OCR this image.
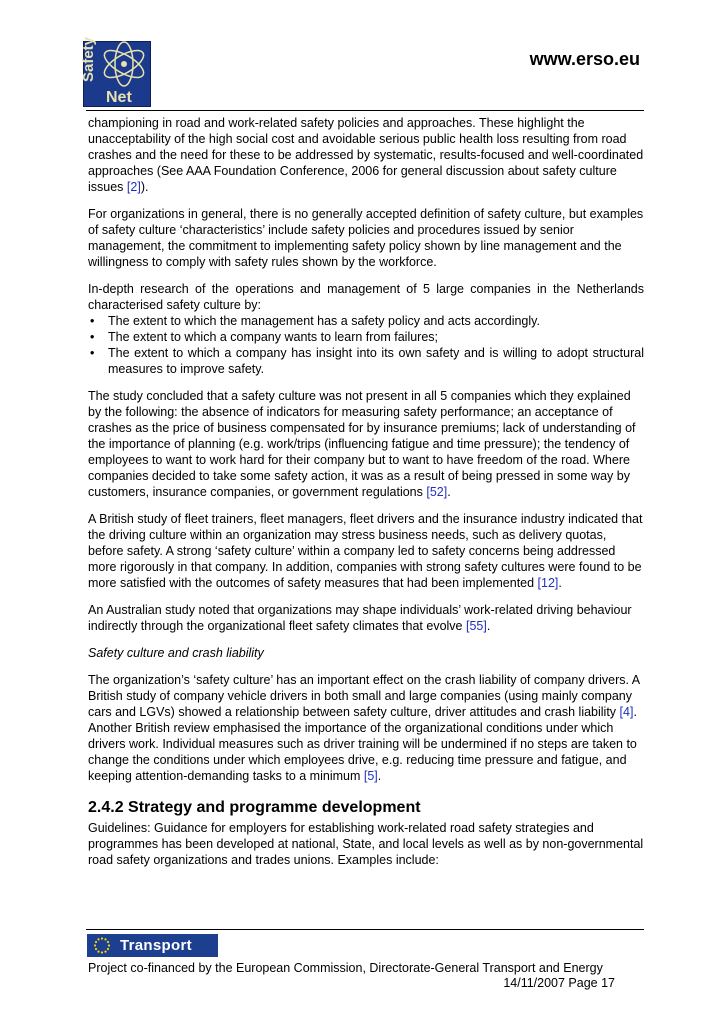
Safety
Net
www.erso.eu

championing in road and work-related safety policies and approaches. These highlight the unacceptability of the high social cost and avoidable serious public health loss resulting from road crashes and the need for these to be addressed by systematic, results-focused and well-coordinated approaches (See AAA Foundation Conference, 2006 for general discussion about safety culture issues [2]).

For organizations in general, there is no generally accepted definition of safety culture, but examples of safety culture ‘characteristics’ include safety policies and procedures issued by senior management, the commitment to implementing safety policy shown by line management and the willingness to comply with safety rules shown by the workforce.

In-depth research of the operations and management of 5 large companies in the Netherlands characterised safety culture by:

• The extent to which the management has a safety policy and acts accordingly.
• The extent to which a company wants to learn from failures;
• The extent to which a company has insight into its own safety and is willing to adopt structural measures to improve safety.

The study concluded that a safety culture was not present in all 5 companies which they explained by the following: the absence of indicators for measuring safety performance; an acceptance of crashes as the price of business compensated for by insurance premiums; lack of understanding of the importance of planning (e.g. work/trips (influencing fatigue and time pressure); the tendency of employees to want to work hard for their company but to want to have freedom of the road. Where companies decided to take some safety action, it was as a result of being pressed in some way by customers, insurance companies, or government regulations [52].

A British study of fleet trainers, fleet managers, fleet drivers and the insurance industry indicated that the driving culture within an organization may stress business needs, such as delivery quotas, before safety. A strong ‘safety culture’ within a company led to safety concerns being addressed more rigorously in that company. In addition, companies with strong safety cultures were found to be more satisfied with the outcomes of safety measures that had been implemented [12].

An Australian study noted that organizations may shape individuals’ work-related driving behaviour indirectly through the organizational fleet safety climates that evolve [55].

Safety culture and crash liability

The organization’s ‘safety culture’ has an important effect on the crash liability of company drivers. A British study of company vehicle drivers in both small and large companies (using mainly company cars and LGVs) showed a relationship between safety culture, driver attitudes and crash liability [4]. Another British review emphasised the importance of the organizational conditions under which drivers work. Individual measures such as driver training will be undermined if no steps are taken to change the conditions under which employees drive, e.g. reducing time pressure and fatigue, and keeping attention-demanding tasks to a minimum [5].

2.4.2 Strategy and programme development

Guidelines: Guidance for employers for establishing work-related road safety strategies and programmes has been developed at national, State, and local levels as well as by non-governmental road safety organizations and trades unions. Examples include:

Transport
Project co-financed by the European Commission, Directorate-General Transport and Energy
14/11/2007 Page 17
